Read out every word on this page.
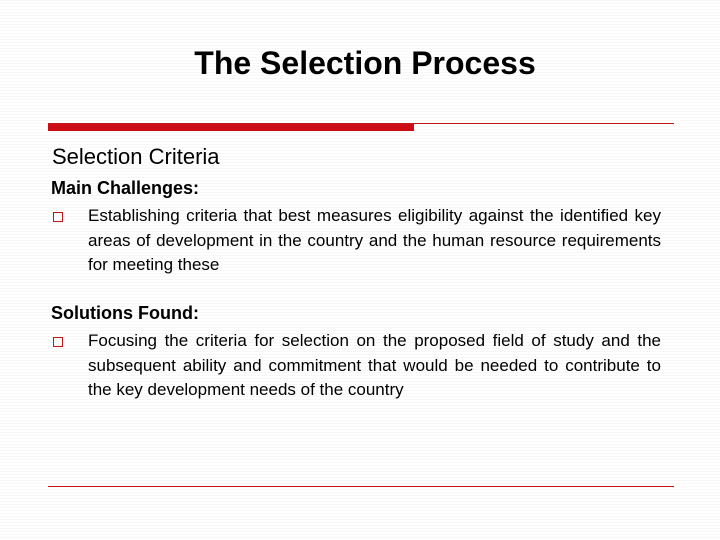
The Selection Process
Selection Criteria
Main Challenges:
Establishing criteria that best measures eligibility against the identified key areas of development in the country and the human resource requirements for meeting these
Solutions Found:
Focusing the criteria for selection on the proposed field of study and the subsequent ability and commitment that would be needed to contribute to the key development needs of the country
